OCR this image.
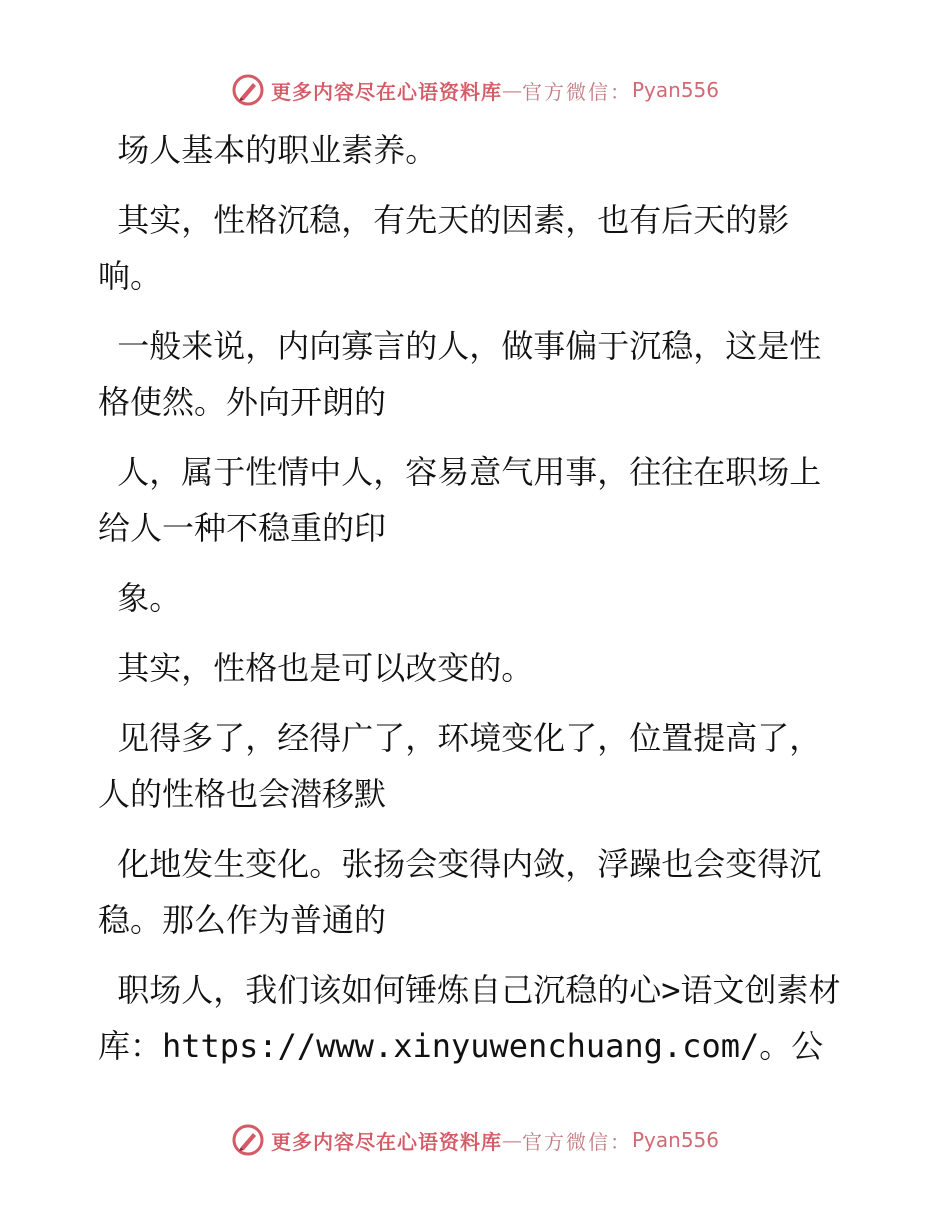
更多内容尽在心语资料库 — 官方微信： Pyan556

场人基本的职业素养。

其实，性格沉稳，有先天的因素，也有后天的影响。

一般来说，内向寡言的人，做事偏于沉稳，这是性格使然。外向开朗的

人，属于性情中人，容易意气用事，往往在职场上给人一种不稳重的印

象。

其实，性格也是可以改变的。

见得多了，经得广了，环境变化了，位置提高了，人的性格也会潜移默

化地发生变化。张扬会变得内敛，浮躁也会变得沉稳。那么作为普通的

职场人，我们该如何锤炼自己沉稳的心>语文创素材库：https://www.xinyuwenchuang.com/。公

更多内容尽在心语资料库 — 官方微信： Pyan556
